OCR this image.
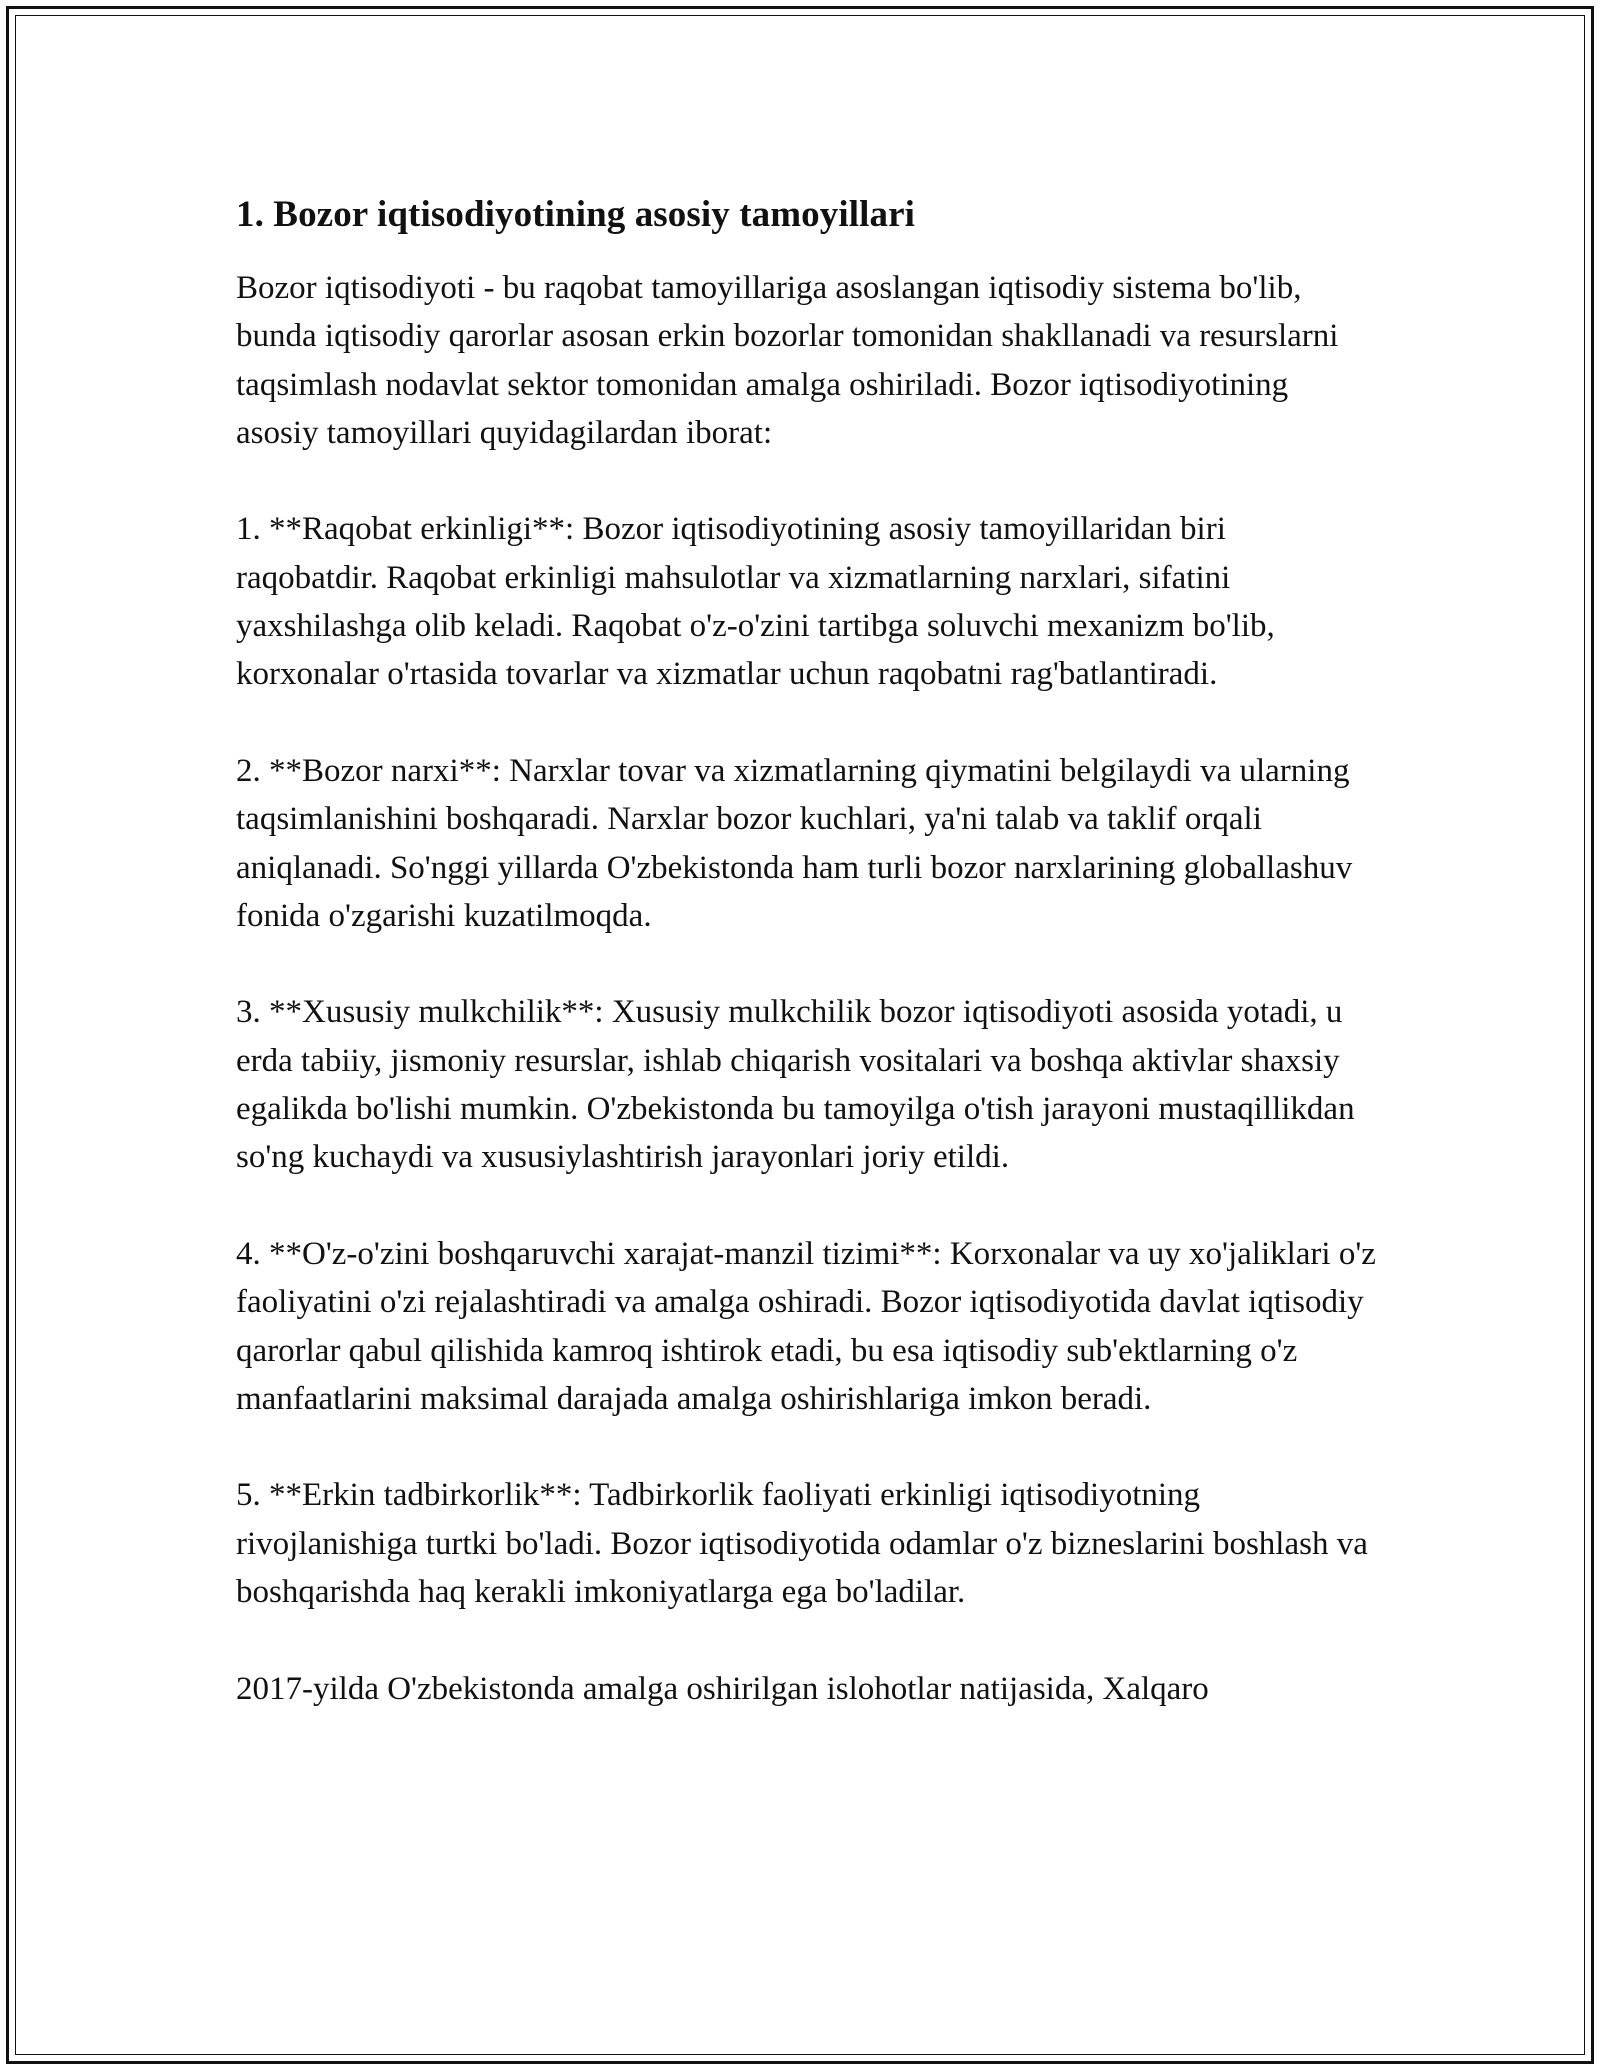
1. Bozor iqtisodiyotining asosiy tamoyillari

Bozor iqtisodiyoti - bu raqobat tamoyillariga asoslangan iqtisodiy sistema bo'lib, bunda iqtisodiy qarorlar asosan erkin bozorlar tomonidan shakllanadi va resurslarni taqsimlash nodavlat sektor tomonidan amalga oshiriladi. Bozor iqtisodiyotining asosiy tamoyillari quyidagilardan iborat:

1. **Raqobat erkinligi**: Bozor iqtisodiyotining asosiy tamoyillaridan biri raqobatdir. Raqobat erkinligi mahsulotlar va xizmatlarning narxlari, sifatini yaxshilashga olib keladi. Raqobat o'z-o'zini tartibga soluvchi mexanizm bo'lib, korxonalar o'rtasida tovarlar va xizmatlar uchun raqobatni rag'batlantiradi.

2. **Bozor narxi**: Narxlar tovar va xizmatlarning qiymatini belgilaydi va ularning taqsimlanishini boshqaradi. Narxlar bozor kuchlari, ya'ni talab va taklif orqali aniqlanadi. So'nggi yillarda O'zbekistonda ham turli bozor narxlarining globallashuv fonida o'zgarishi kuzatilmoqda.

3. **Xususiy mulkchilik**: Xususiy mulkchilik bozor iqtisodiyoti asosida yotadi, u erda tabiiy, jismoniy resurslar, ishlab chiqarish vositalari va boshqa aktivlar shaxsiy egalikda bo'lishi mumkin. O'zbekistonda bu tamoyilga o'tish jarayoni mustaqillikdan so'ng kuchaydi va xususiylashtirish jarayonlari joriy etildi.

4. **O'z-o'zini boshqaruvchi xarajat-manzil tizimi**: Korxonalar va uy xo'jaliklari o'z faoliyatini o'zi rejalashtiradi va amalga oshiradi. Bozor iqtisodiyotida davlat iqtisodiy qarorlar qabul qilishida kamroq ishtirok etadi, bu esa iqtisodiy sub'ektlarning o'z manfaatlarini maksimal darajada amalga oshirishlariga imkon beradi.

5. **Erkin tadbirkorlik**: Tadbirkorlik faoliyati erkinligi iqtisodiyotning rivojlanishiga turtki bo'ladi. Bozor iqtisodiyotida odamlar o'z bizneslarini boshlash va boshqarishda haq kerakli imkoniyatlarga ega bo'ladilar.

2017-yilda O'zbekistonda amalga oshirilgan islohotlar natijasida, Xalqaro
